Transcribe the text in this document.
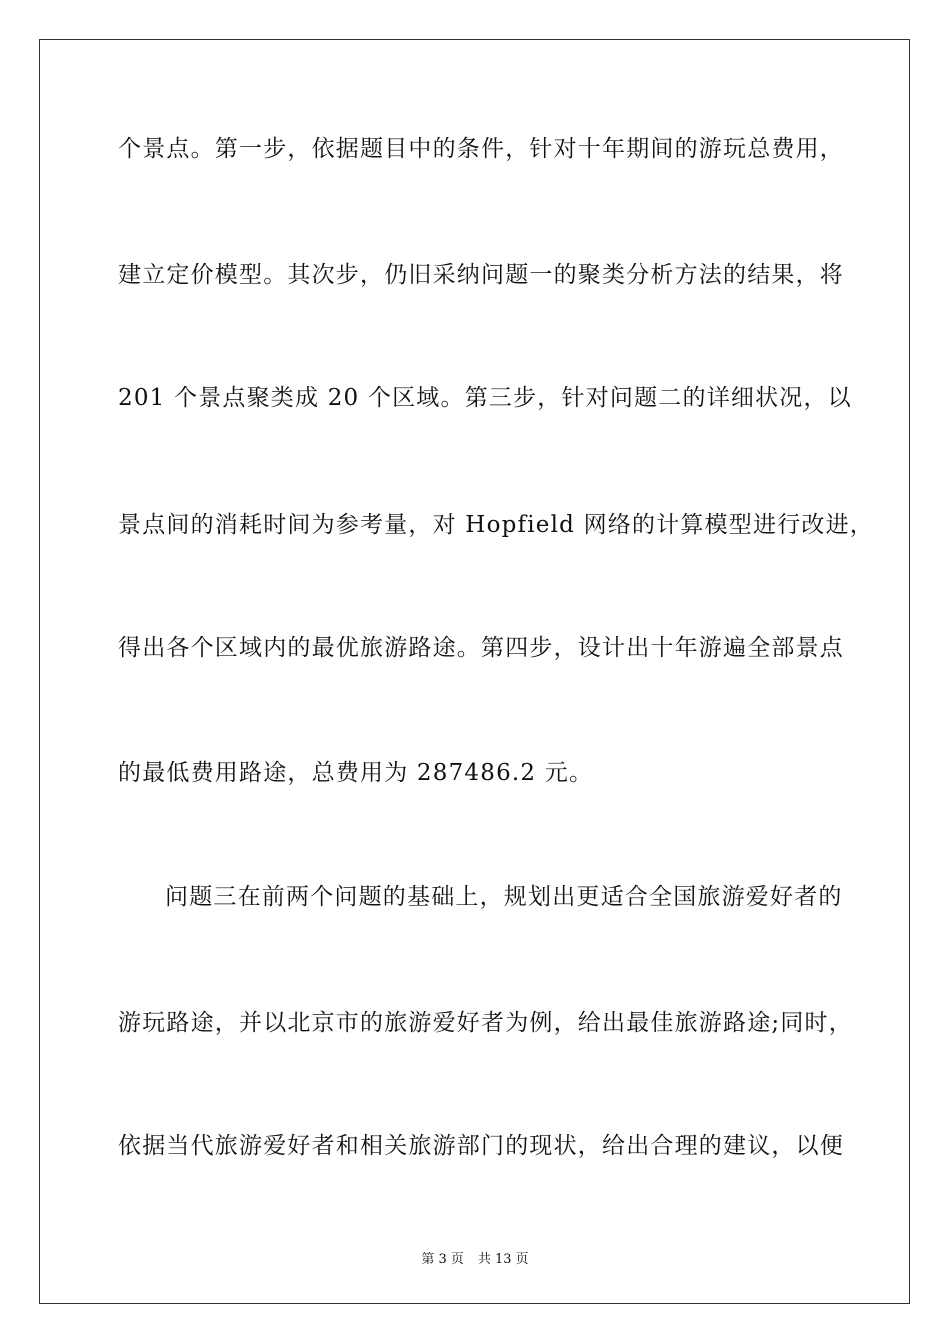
个景点。第一步，依据题目中的条件，针对十年期间的游玩总费用，
建立定价模型。其次步，仍旧采纳问题一的聚类分析方法的结果，将
201 个景点聚类成 20 个区域。第三步，针对问题二的详细状况，以
景点间的消耗时间为参考量，对 Hopfield 网络的计算模型进行改进，
得出各个区域内的最优旅游路途。第四步，设计出十年游遍全部景点
的最低费用路途，总费用为 287486.2 元。
问题三在前两个问题的基础上，规划出更适合全国旅游爱好者的
游玩路途，并以北京市的旅游爱好者为例，给出最佳旅游路途;同时，
依据当代旅游爱好者和相关旅游部门的现状，给出合理的建议，以便
第 3 页 共 13 页
